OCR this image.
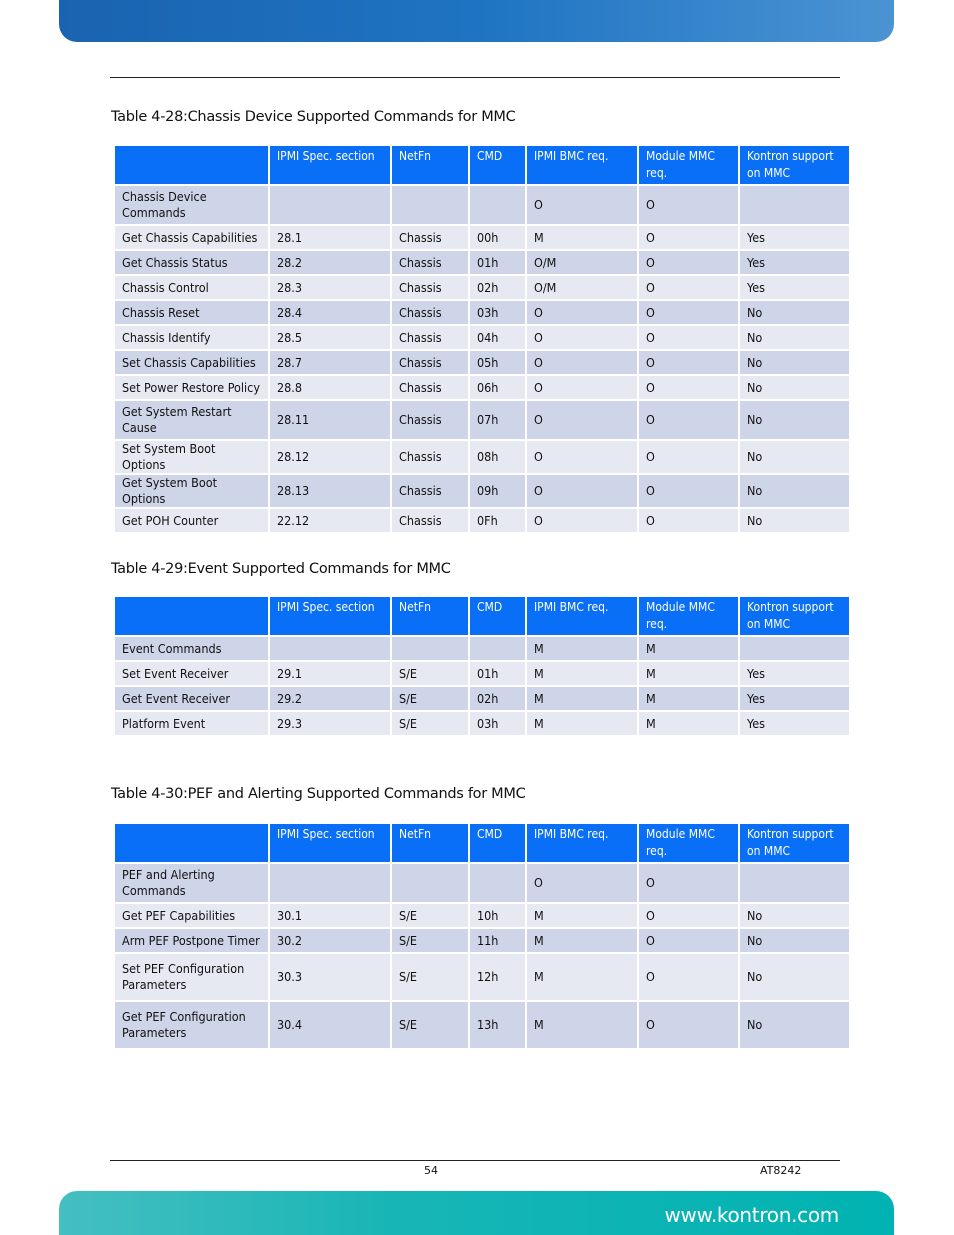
Table 4-28:Chassis Device Supported Commands for MMC
	IPMI Spec. section	NetFn	CMD	IPMI BMC req.	Module MMC req.	Kontron support on MMC
Chassis Device Commands				O	O	
Get Chassis Capabilities	28.1	Chassis	00h	M	O	Yes
Get Chassis Status	28.2	Chassis	01h	O/M	O	Yes
Chassis Control	28.3	Chassis	02h	O/M	O	Yes
Chassis Reset	28.4	Chassis	03h	O	O	No
Chassis Identify	28.5	Chassis	04h	O	O	No
Set Chassis Capabilities	28.7	Chassis	05h	O	O	No
Set Power Restore Policy	28.8	Chassis	06h	O	O	No
Get System Restart Cause	28.11	Chassis	07h	O	O	No
Set System Boot Options	28.12	Chassis	08h	O	O	No
Get System Boot Options	28.13	Chassis	09h	O	O	No
Get POH Counter	22.12	Chassis	0Fh	O	O	No
Table 4-29:Event Supported Commands for MMC
	IPMI Spec. section	NetFn	CMD	IPMI BMC req.	Module MMC req.	Kontron support on MMC
Event Commands				M	M	
Set Event Receiver	29.1	S/E	01h	M	M	Yes
Get Event Receiver	29.2	S/E	02h	M	M	Yes
Platform Event	29.3	S/E	03h	M	M	Yes
Table 4-30:PEF and Alerting Supported Commands for MMC
	IPMI Spec. section	NetFn	CMD	IPMI BMC req.	Module MMC req.	Kontron support on MMC
PEF and Alerting Commands				O	O	
Get PEF Capabilities	30.1	S/E	10h	M	O	No
Arm PEF Postpone Timer	30.2	S/E	11h	M	O	No
Set PEF Configuration Parameters	30.3	S/E	12h	M	O	No
Get PEF Configuration Parameters	30.4	S/E	13h	M	O	No
54	AT8242
www.kontron.com
